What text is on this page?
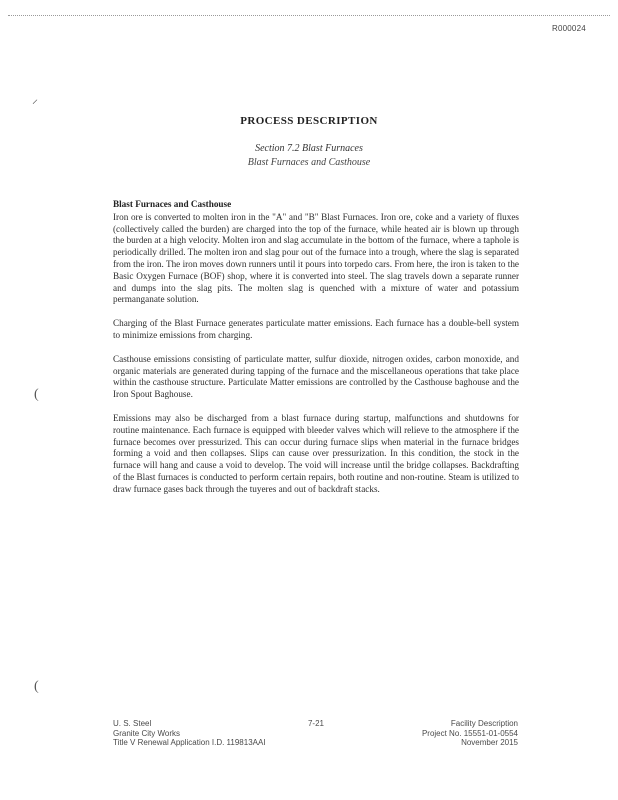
R000024
⸝
(
(
PROCESS DESCRIPTION
Section 7.2 Blast Furnaces
Blast Furnaces and Casthouse
Blast Furnaces and Casthouse

Iron ore is converted to molten iron in the "A" and "B" Blast Furnaces. Iron ore, coke and a variety of fluxes (collectively called the burden) are charged into the top of the furnace, while heated air is blown up through the burden at a high velocity. Molten iron and slag accumulate in the bottom of the furnace, where a taphole is periodically drilled. The molten iron and slag pour out of the furnace into a trough, where the slag is separated from the iron. The iron moves down runners until it pours into torpedo cars. From here, the iron is taken to the Basic Oxygen Furnace (BOF) shop, where it is converted into steel. The slag travels down a separate runner and dumps into the slag pits. The molten slag is quenched with a mixture of water and potassium permanganate solution.

Charging of the Blast Furnace generates particulate matter emissions. Each furnace has a double-bell system to minimize emissions from charging.

Casthouse emissions consisting of particulate matter, sulfur dioxide, nitrogen oxides, carbon monoxide, and organic materials are generated during tapping of the furnace and the miscellaneous operations that take place within the casthouse structure. Particulate Matter emissions are controlled by the Casthouse baghouse and the Iron Spout Baghouse.

Emissions may also be discharged from a blast furnace during startup, malfunctions and shutdowns for routine maintenance. Each furnace is equipped with bleeder valves which will relieve to the atmosphere if the furnace becomes over pressurized. This can occur during furnace slips when material in the furnace bridges forming a void and then collapses. Slips can cause over pressurization. In this condition, the stock in the furnace will hang and cause a void to develop. The void will increase until the bridge collapses. Backdrafting of the Blast furnaces is conducted to perform certain repairs, both routine and non-routine. Steam is utilized to draw furnace gases back through the tuyeres and out of backdraft stacks.

U. S. Steel
Granite City Works
Title V Renewal Application I.D. 119813AAI
7-21	Facility Description
Project No. 15551-01-0554
November 2015
